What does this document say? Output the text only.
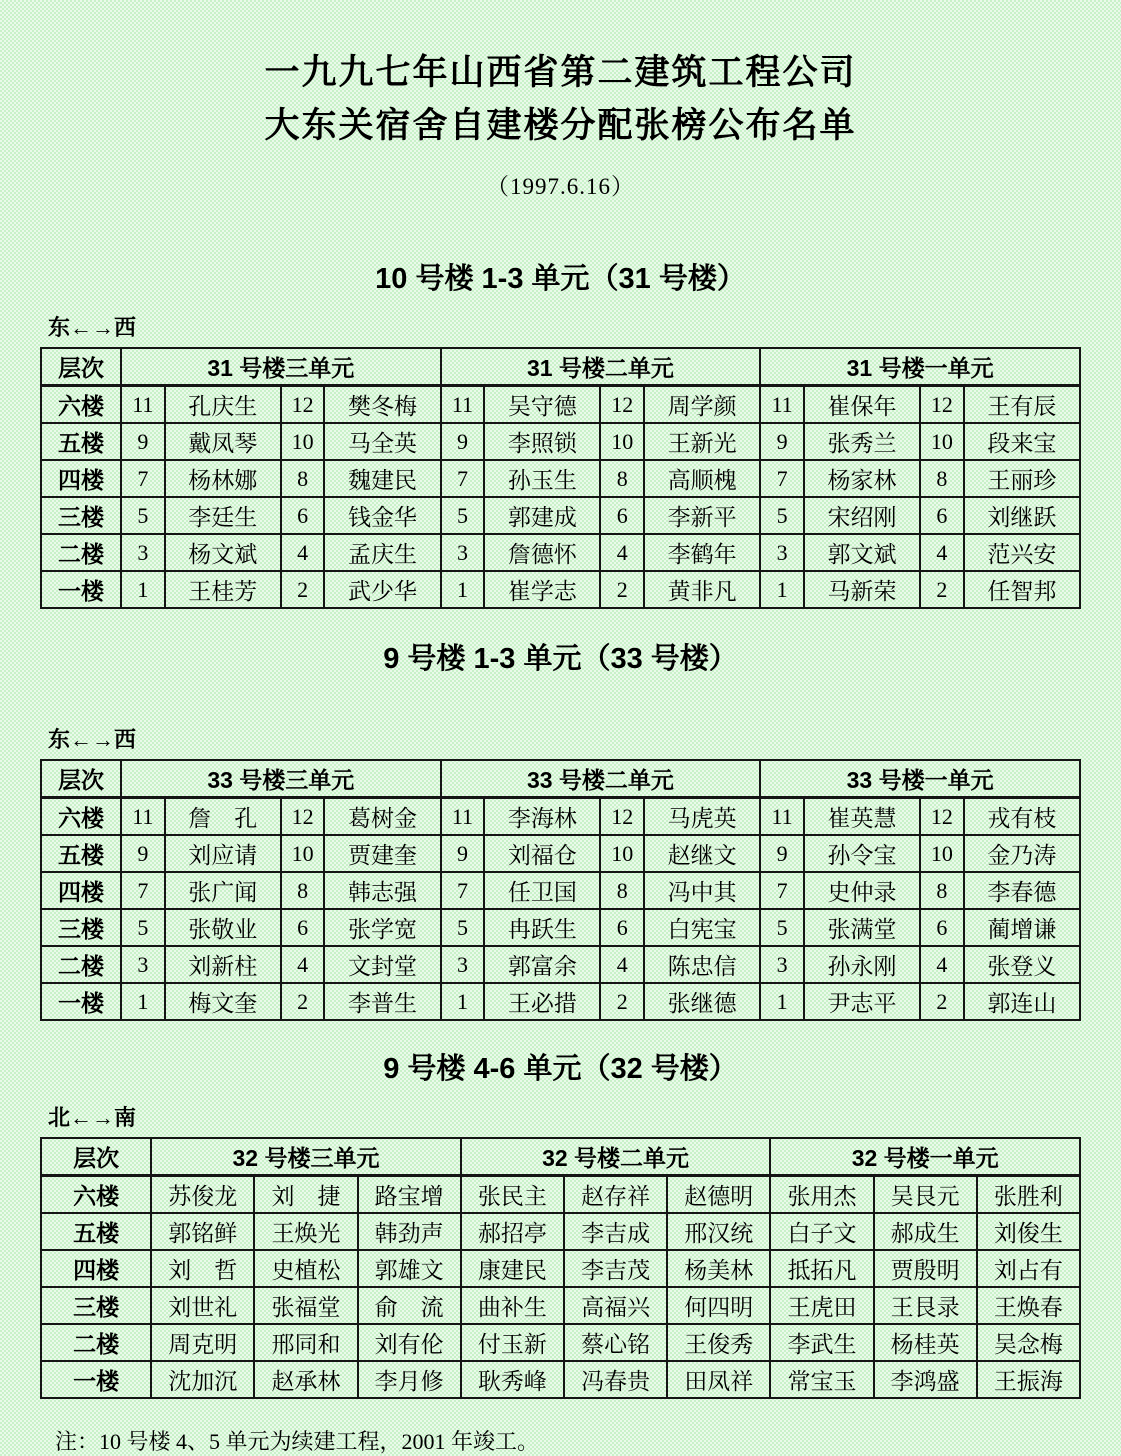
一九九七年山西省第二建筑工程公司
大东关宿舍自建楼分配张榜公布名单
（1997.6.16）
10 号楼 1-3 单元（31 号楼）
东←→西
层次	31 号楼三单元				31 号楼二单元				31 号楼一单元			
六楼	11	孔庆生	12	樊冬梅	11	吴守德	12	周学颜	11	崔保年	12	王有辰
五楼	9	戴凤琴	10	马全英	9	李照锁	10	王新光	9	张秀兰	10	段来宝
四楼	7	杨林娜	8	魏建民	7	孙玉生	8	高顺槐	7	杨家林	8	王丽珍
三楼	5	李廷生	6	钱金华	5	郭建成	6	李新平	5	宋绍刚	6	刘继跃
二楼	3	杨文斌	4	孟庆生	3	詹德怀	4	李鹤年	3	郭文斌	4	范兴安
一楼	1	王桂芳	2	武少华	1	崔学志	2	黄非凡	1	马新荣	2	任智邦
9 号楼 1-3 单元（33 号楼）
东←→西
层次	33 号楼三单元				33 号楼二单元				33 号楼一单元			
六楼	11	詹　孔	12	葛树金	11	李海林	12	马虎英	11	崔英慧	12	戎有枝
五楼	9	刘应请	10	贾建奎	9	刘福仓	10	赵继文	9	孙令宝	10	金乃涛
四楼	7	张广闻	8	韩志强	7	任卫国	8	冯中其	7	史仲录	8	李春德
三楼	5	张敬业	6	张学宽	5	冉跃生	6	白宪宝	5	张满堂	6	蔺增谦
二楼	3	刘新柱	4	文封堂	3	郭富余	4	陈忠信	3	孙永刚	4	张登义
一楼	1	梅文奎	2	李普生	1	王必措	2	张继德	1	尹志平	2	郭连山
9 号楼 4-6 单元（32 号楼）
北←→南
层次	32 号楼三单元			32 号楼二单元			32 号楼一单元		
六楼	苏俊龙	刘　捷	路宝增	张民主	赵存祥	赵德明	张用杰	吴艮元	张胜利
五楼	郭铭鲜	王焕光	韩劲声	郝招亭	李吉成	邢汉统	白子文	郝成生	刘俊生
四楼	刘　哲	史植松	郭雄文	康建民	李吉茂	杨美林	抵拓凡	贾殷明	刘占有
三楼	刘世礼	张福堂	俞　流	曲补生	高福兴	何四明	王虎田	王艮录	王焕春
二楼	周克明	邢同和	刘有伦	付玉新	蔡心铭	王俊秀	李武生	杨桂英	吴念梅
一楼	沈加沉	赵承林	李月修	耿秀峰	冯春贵	田凤祥	常宝玉	李鸿盛	王振海
注：10 号楼 4、5 单元为续建工程，2001 年竣工。
